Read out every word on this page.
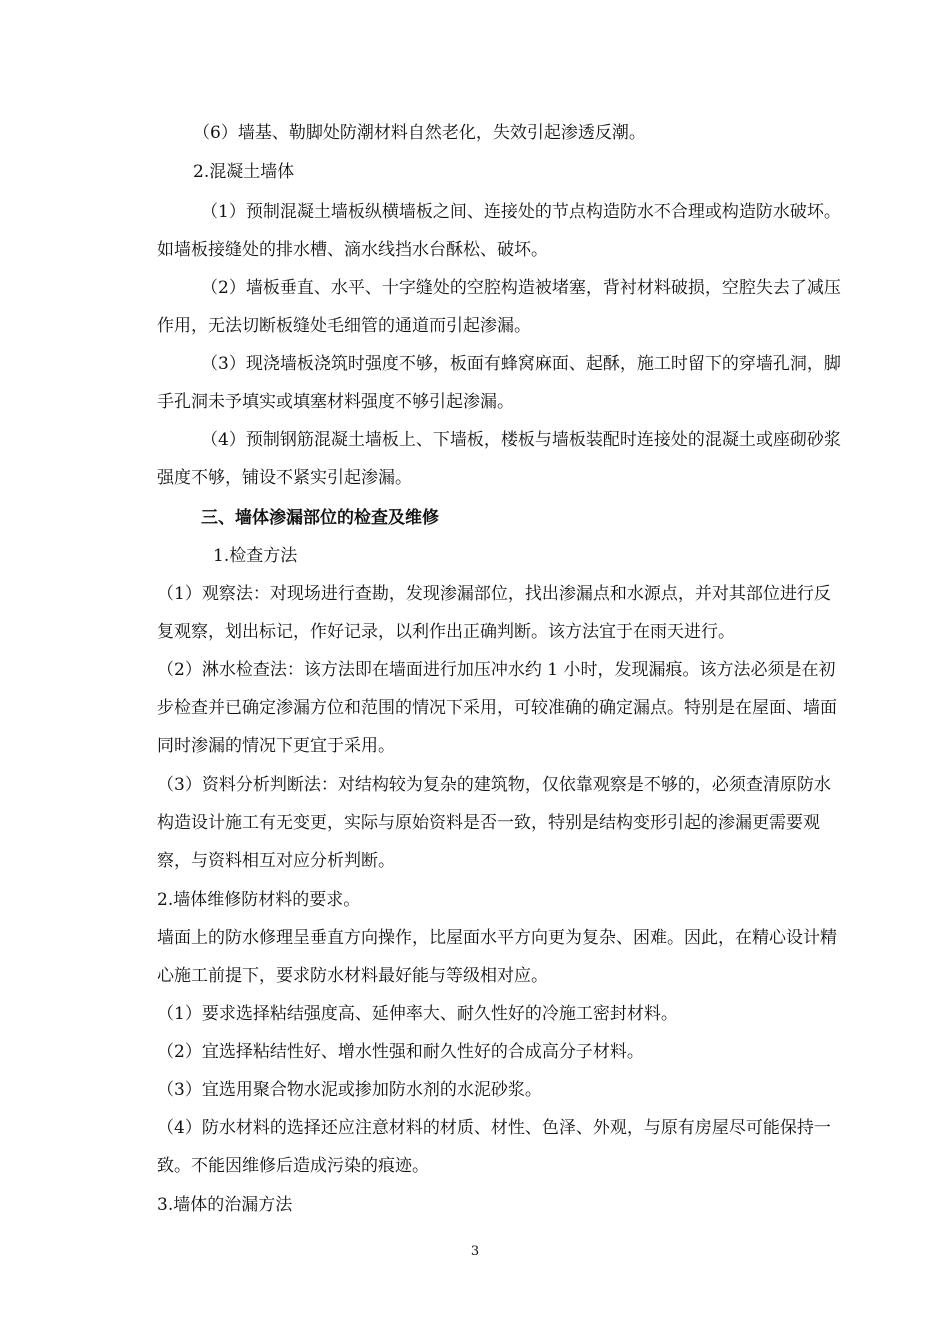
（6）墙基、勒脚处防潮材料自然老化，失效引起渗透反潮。

2.混凝土墙体

（1）预制混凝土墙板纵横墙板之间、连接处的节点构造防水不合理或构造防水破坏。如墙板接缝处的排水槽、滴水线挡水台酥松、破坏。

（2）墙板垂直、水平、十字缝处的空腔构造被堵塞，背衬材料破损，空腔失去了减压作用，无法切断板缝处毛细管的通道而引起渗漏。

（3）现浇墙板浇筑时强度不够，板面有蜂窝麻面、起酥，施工时留下的穿墙孔洞，脚手孔洞未予填实或填塞材料强度不够引起渗漏。

（4）预制钢筋混凝土墙板上、下墙板，楼板与墙板装配时连接处的混凝土或座砌砂浆强度不够，铺设不紧实引起渗漏。

三、墙体渗漏部位的检查及维修

1.检查方法

（1）观察法：对现场进行查勘，发现渗漏部位，找出渗漏点和水源点，并对其部位进行反复观察，划出标记，作好记录，以利作出正确判断。该方法宜于在雨天进行。

（2）淋水检查法：该方法即在墙面进行加压冲水约 1 小时，发现漏痕。该方法必须是在初步检查并已确定渗漏方位和范围的情况下采用，可较准确的确定漏点。特别是在屋面、墙面同时渗漏的情况下更宜于采用。

（3）资料分析判断法：对结构较为复杂的建筑物，仅依靠观察是不够的，必须查清原防水构造设计施工有无变更，实际与原始资料是否一致，特别是结构变形引起的渗漏更需要观察，与资料相互对应分析判断。

2.墙体维修防材料的要求。

墙面上的防水修理呈垂直方向操作，比屋面水平方向更为复杂、困难。因此，在精心设计精心施工前提下，要求防水材料最好能与等级相对应。

（1）要求选择粘结强度高、延伸率大、耐久性好的冷施工密封材料。

（2）宜选择粘结性好、增水性强和耐久性好的合成高分子材料。

（3）宜选用聚合物水泥或掺加防水剂的水泥砂浆。

（4）防水材料的选择还应注意材料的材质、材性、色泽、外观，与原有房屋尽可能保持一致。不能因维修后造成污染的痕迹。

3.墙体的治漏方法

3
